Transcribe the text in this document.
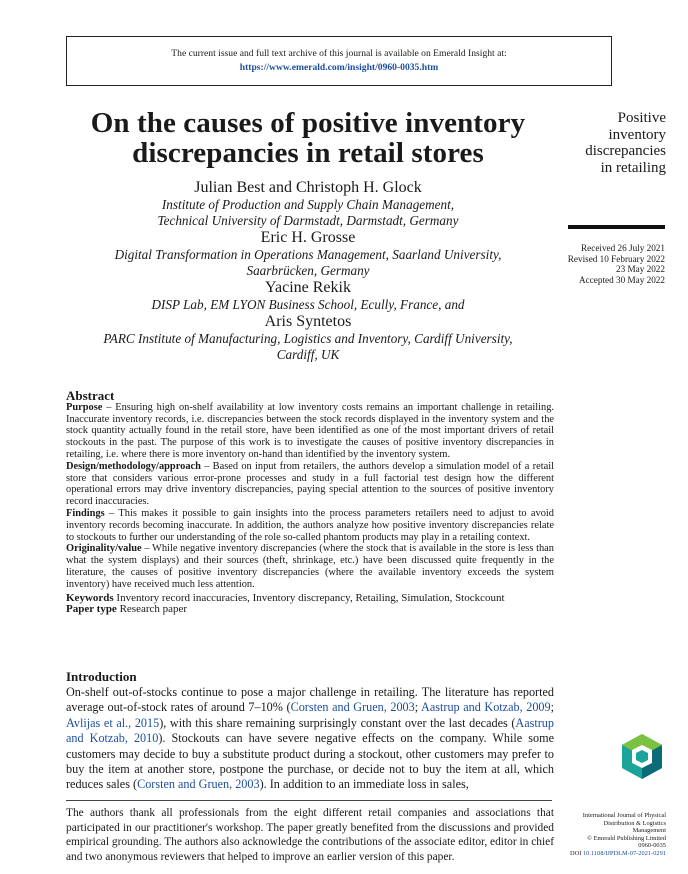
The current issue and full text archive of this journal is available on Emerald Insight at:
https://www.emerald.com/insight/0960-0035.htm
On the causes of positive inventory
discrepancies in retail stores
Positive
inventory
discrepancies
in retailing
Received 26 July 2021
Revised 10 February 2022
23 May 2022
Accepted 30 May 2022
Julian Best and Christoph H. Glock
Institute of Production and Supply Chain Management,
Technical University of Darmstadt, Darmstadt, Germany
Eric H. Grosse
Digital Transformation in Operations Management, Saarland University,
Saarbrücken, Germany
Yacine Rekik
DISP Lab, EM LYON Business School, Ecully, France, and
Aris Syntetos
PARC Institute of Manufacturing, Logistics and Inventory, Cardiff University,
Cardiff, UK
Abstract
Purpose – Ensuring high on-shelf availability at low inventory costs remains an important challenge in retailing. Inaccurate inventory records, i.e. discrepancies between the stock records displayed in the inventory system and the stock quantity actually found in the retail store, have been identified as one of the most important drivers of retail stockouts in the past. The purpose of this work is to investigate the causes of positive inventory discrepancies in retailing, i.e. where there is more inventory on-hand than identified by the inventory system.
Design/methodology/approach – Based on input from retailers, the authors develop a simulation model of a retail store that considers various error-prone processes and study in a full factorial test design how the different operational errors may drive inventory discrepancies, paying special attention to the sources of positive inventory record inaccuracies.
Findings – This makes it possible to gain insights into the process parameters retailers need to adjust to avoid inventory records becoming inaccurate. In addition, the authors analyze how positive inventory discrepancies relate to stockouts to further our understanding of the role so-called phantom products may play in a retailing context.
Originality/value – While negative inventory discrepancies (where the stock that is available in the store is less than what the system displays) and their sources (theft, shrinkage, etc.) have been discussed quite frequently in the literature, the causes of positive inventory discrepancies (where the available inventory exceeds the system inventory) have received much less attention.
Keywords Inventory record inaccuracies, Inventory discrepancy, Retailing, Simulation, Stockcount
Paper type Research paper
Introduction
On-shelf out-of-stocks continue to pose a major challenge in retailing. The literature has reported average out-of-stock rates of around 7–10% (Corsten and Gruen, 2003; Aastrup and Kotzab, 2009; Avlijas et al., 2015), with this share remaining surprisingly constant over the last decades (Aastrup and Kotzab, 2010). Stockouts can have severe negative effects on the company. While some customers may decide to buy a substitute product during a stockout, other customers may prefer to buy the item at another store, postpone the purchase, or decide not to buy the item at all, which reduces sales (Corsten and Gruen, 2003). In addition to an immediate loss in sales,
The authors thank all professionals from the eight different retail companies and associations that participated in our practitioner's workshop. The paper greatly benefited from the discussions and provided empirical grounding. The authors also acknowledge the contributions of the associate editor, editor in chief and two anonymous reviewers that helped to improve an earlier version of this paper.
International Journal of Physical
Distribution & Logistics
Management
© Emerald Publishing Limited
0960-0035
DOI 10.1108/IJPDLM-07-2021-0291
